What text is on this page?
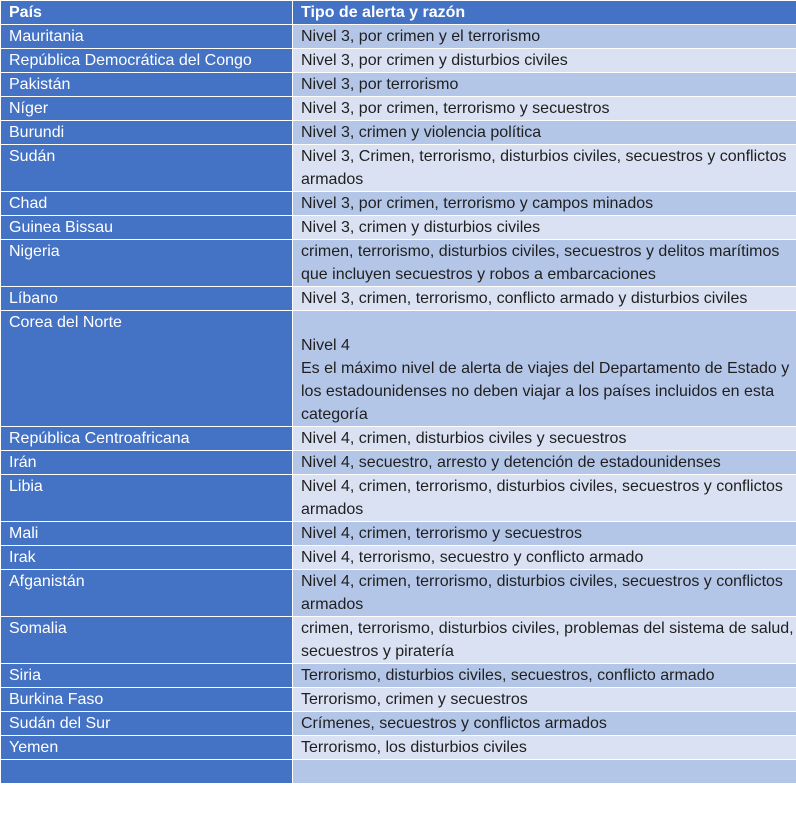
País	Tipo de alerta y razón
Mauritania	Nivel 3, por crimen y el terrorismo

República Democrática del Congo	Nivel 3, por crimen y disturbios civiles

Pakistán	Nivel 3, por terrorismo

Níger	Nivel 3, por crimen, terrorismo y secuestros

Burundi	Nivel 3, crimen y violencia política

Sudán	Nivel 3, Crimen, terrorismo, disturbios civiles, secuestros y conflictos armados

Chad	Nivel 3, por crimen, terrorismo y campos minados

Guinea Bissau	Nivel 3, crimen y disturbios civiles

Nigeria	crimen, terrorismo, disturbios civiles, secuestros y delitos marítimos que incluyen secuestros y robos a embarcaciones

Líbano	Nivel 3, crimen, terrorismo, conflicto armado y disturbios civiles

Corea del Norte	Nivel 4
Es el máximo nivel de alerta de viajes del Departamento de Estado y los estadounidenses no deben viajar a los países incluidos en esta categoría

República Centroafricana	Nivel 4, crimen, disturbios civiles y secuestros

Irán	Nivel 4, secuestro, arresto y detención de estadounidenses

Libia	Nivel 4, crimen, terrorismo, disturbios civiles, secuestros y conflictos armados

Mali	Nivel 4, crimen, terrorismo y secuestros

Irak	Nivel 4, terrorismo, secuestro y conflicto armado

Afganistán	Nivel 4, crimen, terrorismo, disturbios civiles, secuestros y conflictos armados

Somalia	crimen, terrorismo, disturbios civiles, problemas del sistema de salud, secuestros y piratería

Siria	Terrorismo, disturbios civiles, secuestros, conflicto armado

Burkina Faso	Terrorismo, crimen y secuestros

Sudán del Sur	Crímenes, secuestros y conflictos armados

Yemen	Terrorismo, los disturbios civiles
